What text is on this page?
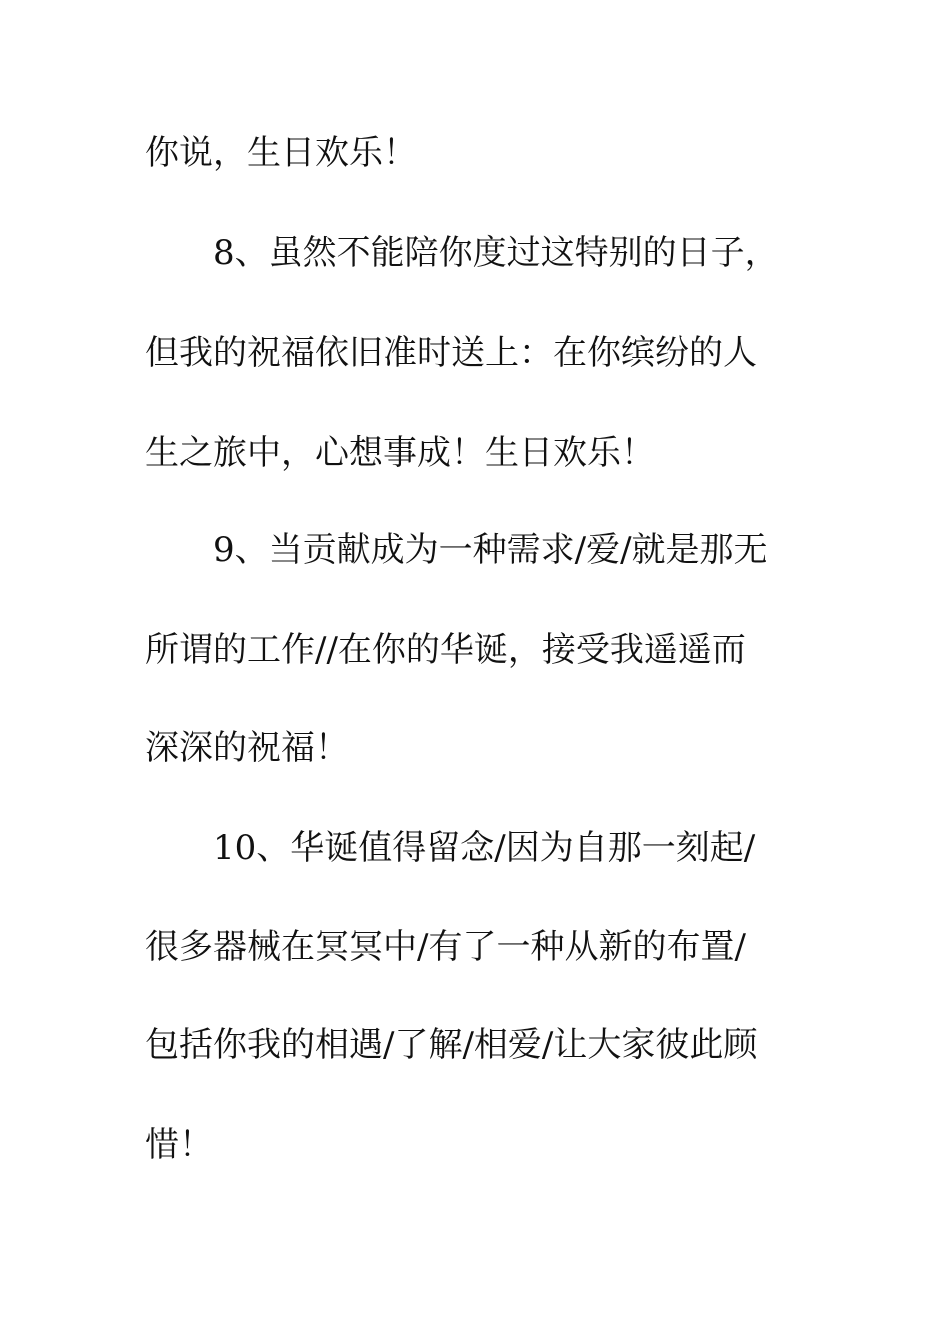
你说，生日欢乐！
8、虽然不能陪你度过这特别的日子，
但我的祝福依旧准时送上：在你缤纷的人
生之旅中，心想事成！生日欢乐！
9、当贡献成为一种需求/爱/就是那无
所谓的工作//在你的华诞，接受我遥遥而
深深的祝福！
10、华诞值得留念/因为自那一刻起/
很多器械在冥冥中/有了一种从新的布置/
包括你我的相遇/了解/相爱/让大家彼此顾
惜！
